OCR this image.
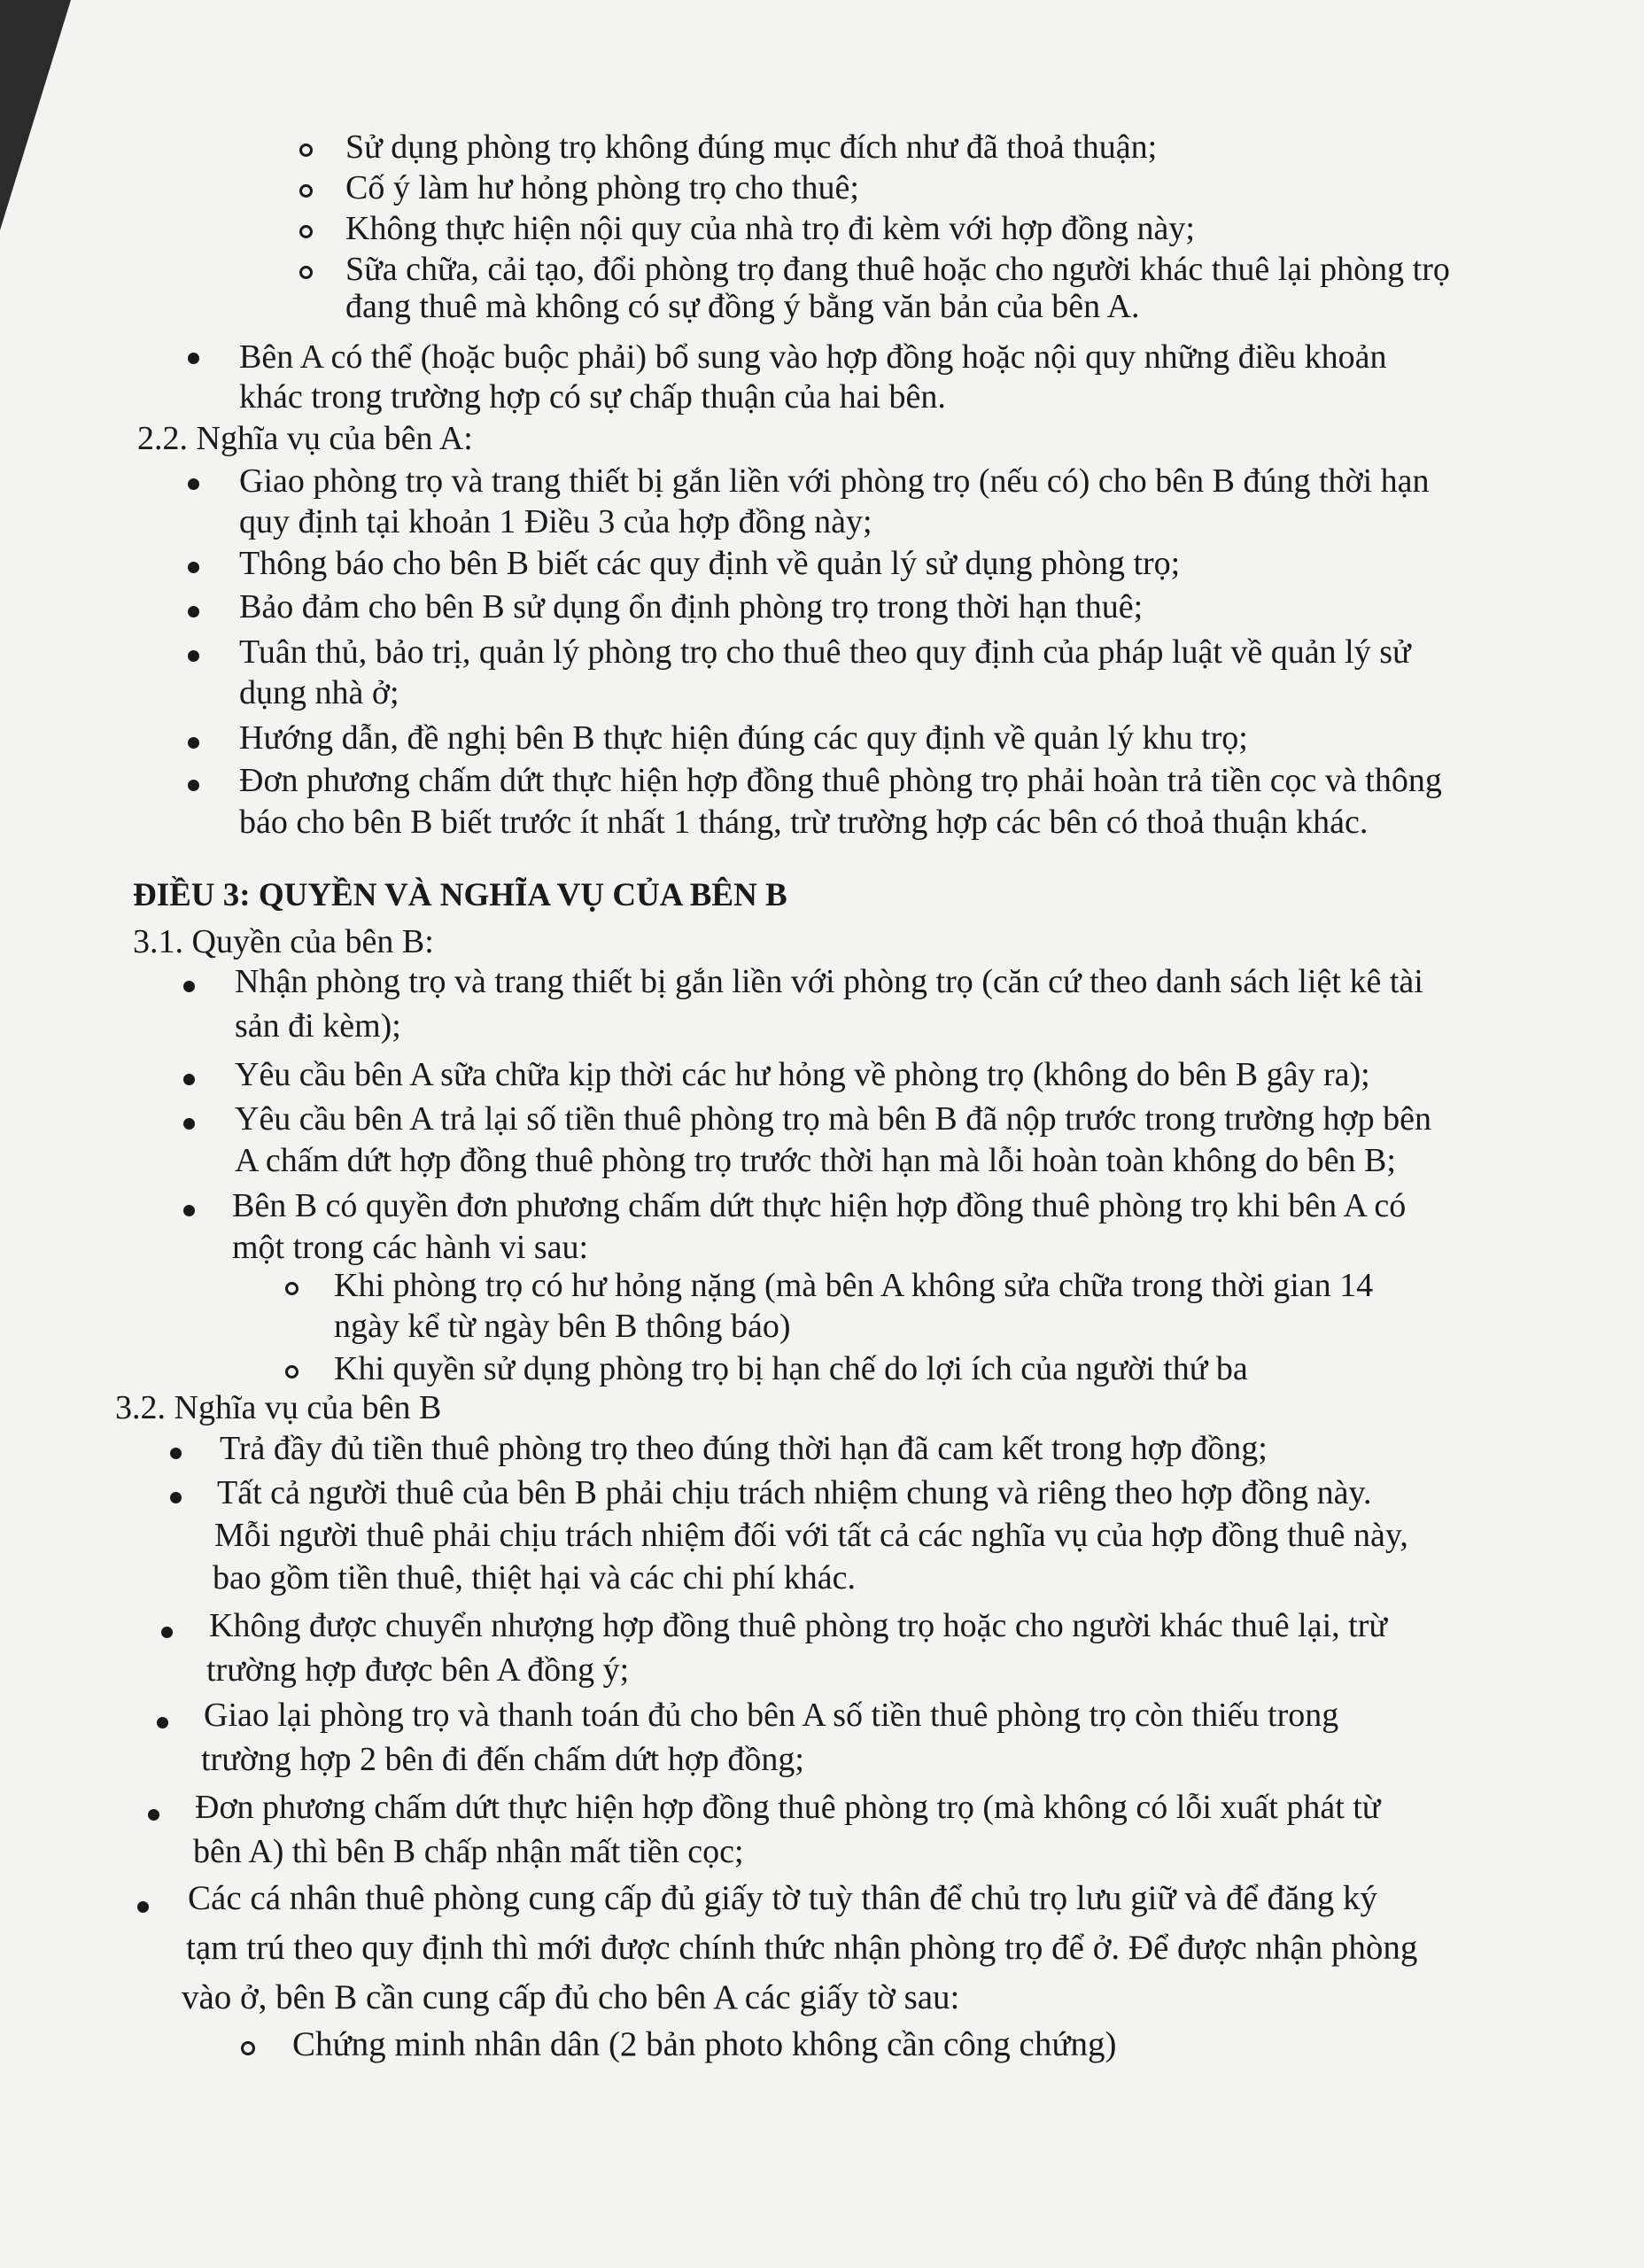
Sử dụng phòng trọ không đúng mục đích như đã thoả thuận;
Cố ý làm hư hỏng phòng trọ cho thuê;
Không thực hiện nội quy của nhà trọ đi kèm với hợp đồng này;
Sữa chữa, cải tạo, đổi phòng trọ đang thuê hoặc cho người khác thuê lại phòng trọ
đang thuê mà không có sự đồng ý bằng văn bản của bên A.
Bên A có thể (hoặc buộc phải) bổ sung vào hợp đồng hoặc nội quy những điều khoản
khác trong trường hợp có sự chấp thuận của hai bên.
2.2. Nghĩa vụ của bên A:
Giao phòng trọ và trang thiết bị gắn liền với phòng trọ (nếu có) cho bên B đúng thời hạn
quy định tại khoản 1 Điều 3 của hợp đồng này;
Thông báo cho bên B biết các quy định về quản lý sử dụng phòng trọ;
Bảo đảm cho bên B sử dụng ổn định phòng trọ trong thời hạn thuê;
Tuân thủ, bảo trị, quản lý phòng trọ cho thuê theo quy định của pháp luật về quản lý sử
dụng nhà ở;
Hướng dẫn, đề nghị bên B thực hiện đúng các quy định về quản lý khu trọ;
Đơn phương chấm dứt thực hiện hợp đồng thuê phòng trọ phải hoàn trả tiền cọc và thông
báo cho bên B biết trước ít nhất 1 tháng, trừ trường hợp các bên có thoả thuận khác.
ĐIỀU 3: QUYỀN VÀ NGHĨA VỤ CỦA BÊN B
3.1. Quyền của bên B:
Nhận phòng trọ và trang thiết bị gắn liền với phòng trọ (căn cứ theo danh sách liệt kê tài
sản đi kèm);
Yêu cầu bên A sữa chữa kịp thời các hư hỏng về phòng trọ (không do bên B gây ra);
Yêu cầu bên A trả lại số tiền thuê phòng trọ mà bên B đã nộp trước trong trường hợp bên
A chấm dứt hợp đồng thuê phòng trọ trước thời hạn mà lỗi hoàn toàn không do bên B;
Bên B có quyền đơn phương chấm dứt thực hiện hợp đồng thuê phòng trọ khi bên A có
một trong các hành vi sau:
Khi phòng trọ có hư hỏng nặng (mà bên A không sửa chữa trong thời gian 14
ngày kể từ ngày bên B thông báo)
Khi quyền sử dụng phòng trọ bị hạn chế do lợi ích của người thứ ba
3.2. Nghĩa vụ của bên B
Trả đầy đủ tiền thuê phòng trọ theo đúng thời hạn đã cam kết trong hợp đồng;
Tất cả người thuê của bên B phải chịu trách nhiệm chung và riêng theo hợp đồng này.
Mỗi người thuê phải chịu trách nhiệm đối với tất cả các nghĩa vụ của hợp đồng thuê này,
bao gồm tiền thuê, thiệt hại và các chi phí khác.
Không được chuyển nhượng hợp đồng thuê phòng trọ hoặc cho người khác thuê lại, trừ
trường hợp được bên A đồng ý;
Giao lại phòng trọ và thanh toán đủ cho bên A số tiền thuê phòng trọ còn thiếu trong
trường hợp 2 bên đi đến chấm dứt hợp đồng;
Đơn phương chấm dứt thực hiện hợp đồng thuê phòng trọ (mà không có lỗi xuất phát từ
bên A) thì bên B chấp nhận mất tiền cọc;
Các cá nhân thuê phòng cung cấp đủ giấy tờ tuỳ thân để chủ trọ lưu giữ và để đăng ký
tạm trú theo quy định thì mới được chính thức nhận phòng trọ để ở. Để được nhận phòng
vào ở, bên B cần cung cấp đủ cho bên A các giấy tờ sau:
Chứng minh nhân dân (2 bản photo không cần công chứng)
